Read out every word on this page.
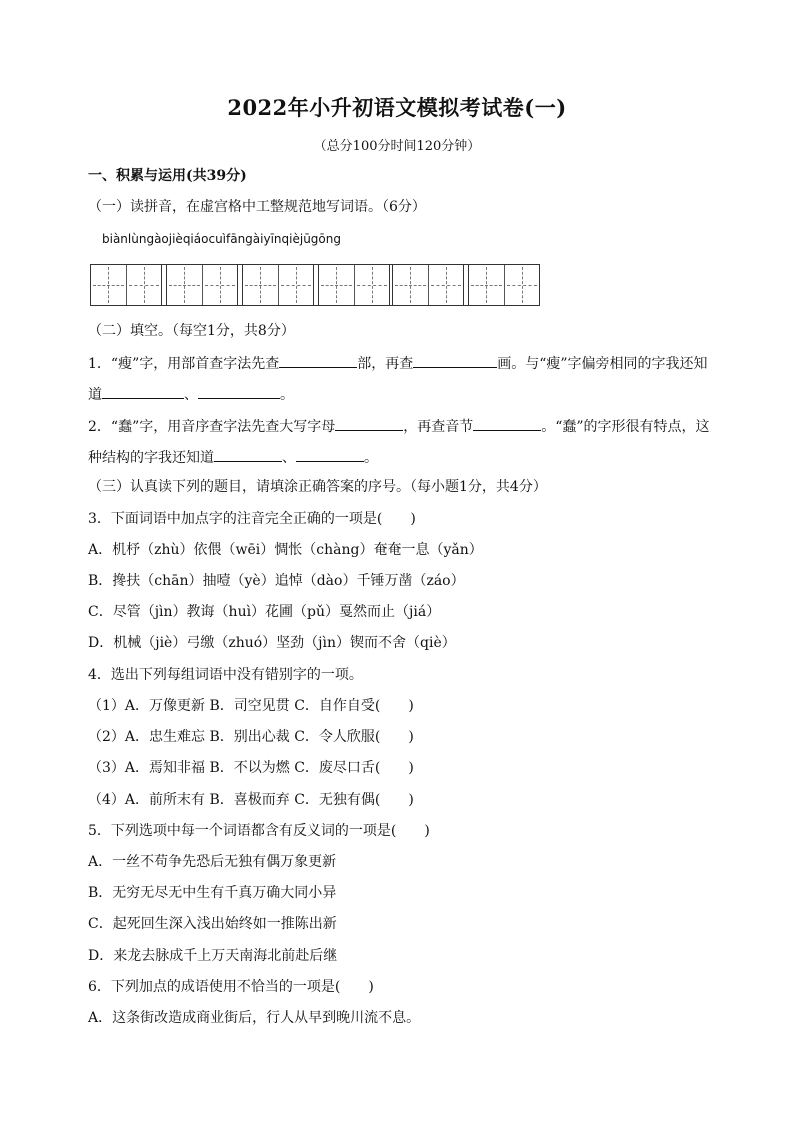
2022年小升初语文模拟考试卷(一)
（总分100分时间120分钟）
一、积累与运用(共39分)
（一）读拼音，在虚宫格中工整规范地写词语。（6分）
biànlùngàojièqiáocuìfāngàiyīnqièjūgōng
（二）填空。（每空1分，共8分）
1．“瘦”字，用部首查字法先查	部，再查	画。与“瘦”字偏旁相同的字我还知
道	、	。
2．“蠢”字，用音序查字法先查大写字母	，再查音节	。“蠢”的字形很有特点，这
种结构的字我还知道	、	。
（三）认真读下列的题目，请填涂正确答案的序号。（每小题1分，共4分）
3．下面词语中加点字的注音完全正确的一项是(　　)
A．机杼（zhù）依偎（wēi）惆怅（chàng）奄奄一息（yǎn）
B．搀扶（chān）抽噎（yè）追悼（dào）千锤万凿（záo）
C．尽管（jìn）教诲（huì）花圃（pǔ）戛然而止（jiá）
D．机械（jiè）弓缴（zhuó）坚劲（jìn）锲而不舍（qiè）
4．选出下列每组词语中没有错别字的一项。
（1）A．万像更新 B．司空见贯 C．自作自受(　　)
（2）A．忠生难忘 B．别出心裁 C．令人欣服(　　)
（3）A．焉知非福 B．不以为燃 C．废尽口舌(　　)
（4）A．前所末有 B．喜极而弃 C．无独有偶(　　)
5．下列选项中每一个词语都含有反义词的一项是(　　)
A．一丝不苟争先恐后无独有偶万象更新
B．无穷无尽无中生有千真万确大同小异
C．起死回生深入浅出始终如一推陈出新
D．来龙去脉成千上万天南海北前赴后继
6．下列加点的成语使用不恰当的一项是(　　)
A．这条街改造成商业街后，行人从早到晚川流不息。
